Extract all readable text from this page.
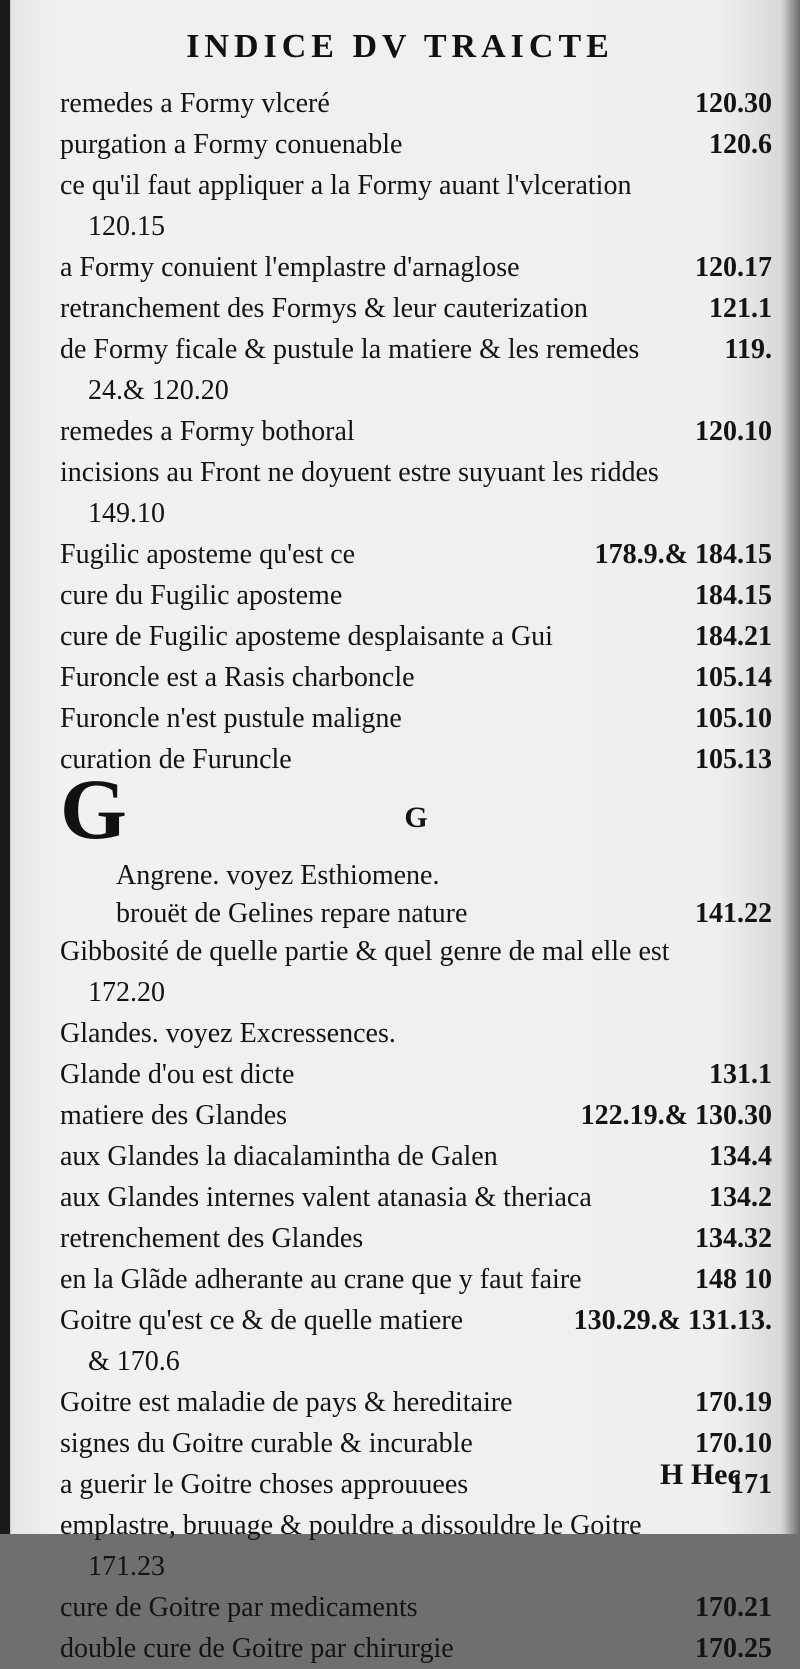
INDICE DV TRAICTE
G
remedes a Formy vlceré	120.30
purgation a Formy conuenable	120.6
ce qu'il faut appliquer a la Formy auant l'vlceration
120.15
a Formy conuient l'emplastre d'arnaglose	120.17
retranchement des Formys & leur cauterization	121.1
de Formy ficale & pustule la matiere & les remedes	119.
24.& 120.20
remedes a Formy bothoral	120.10
incisions au Front ne doyuent estre suyuant les riddes
149.10
Fugilic aposteme qu'est ce	178.9.& 184.15
cure du Fugilic aposteme	184.15
cure de Fugilic aposteme desplaisante a Gui	184.21
Furoncle est a Rasis charboncle	105.14
Furoncle n'est pustule maligne	105.10
curation de Furuncle	105.13
G
Angrene. voyez Esthiomene.
brouët de Gelines repare nature	141.22
Gibbosité de quelle partie & quel genre de mal elle est
172.20
Glandes. voyez Excressences.
Glande d'ou est dicte	131.1
matiere des Glandes	122.19.& 130.30
aux Glandes la diacalamintha de Galen	134.4
aux Glandes internes valent atanasia & theriaca	134.2
retrenchement des Glandes	134.32
en la Glãde adherante au crane que y faut faire	148 10
Goitre qu'est ce & de quelle matiere	130.29.& 131.13.
& 170.6
Goitre est maladie de pays & hereditaire	170.19
signes du Goitre curable & incurable	170.10
a guerir le Goitre choses approuuees	171
emplastre, bruuage & pouldre a dissouldre le Goitre
171.23
cure de Goitre par medicaments	170.21
double cure de Goitre par chirurgie	170.25
H Hec
